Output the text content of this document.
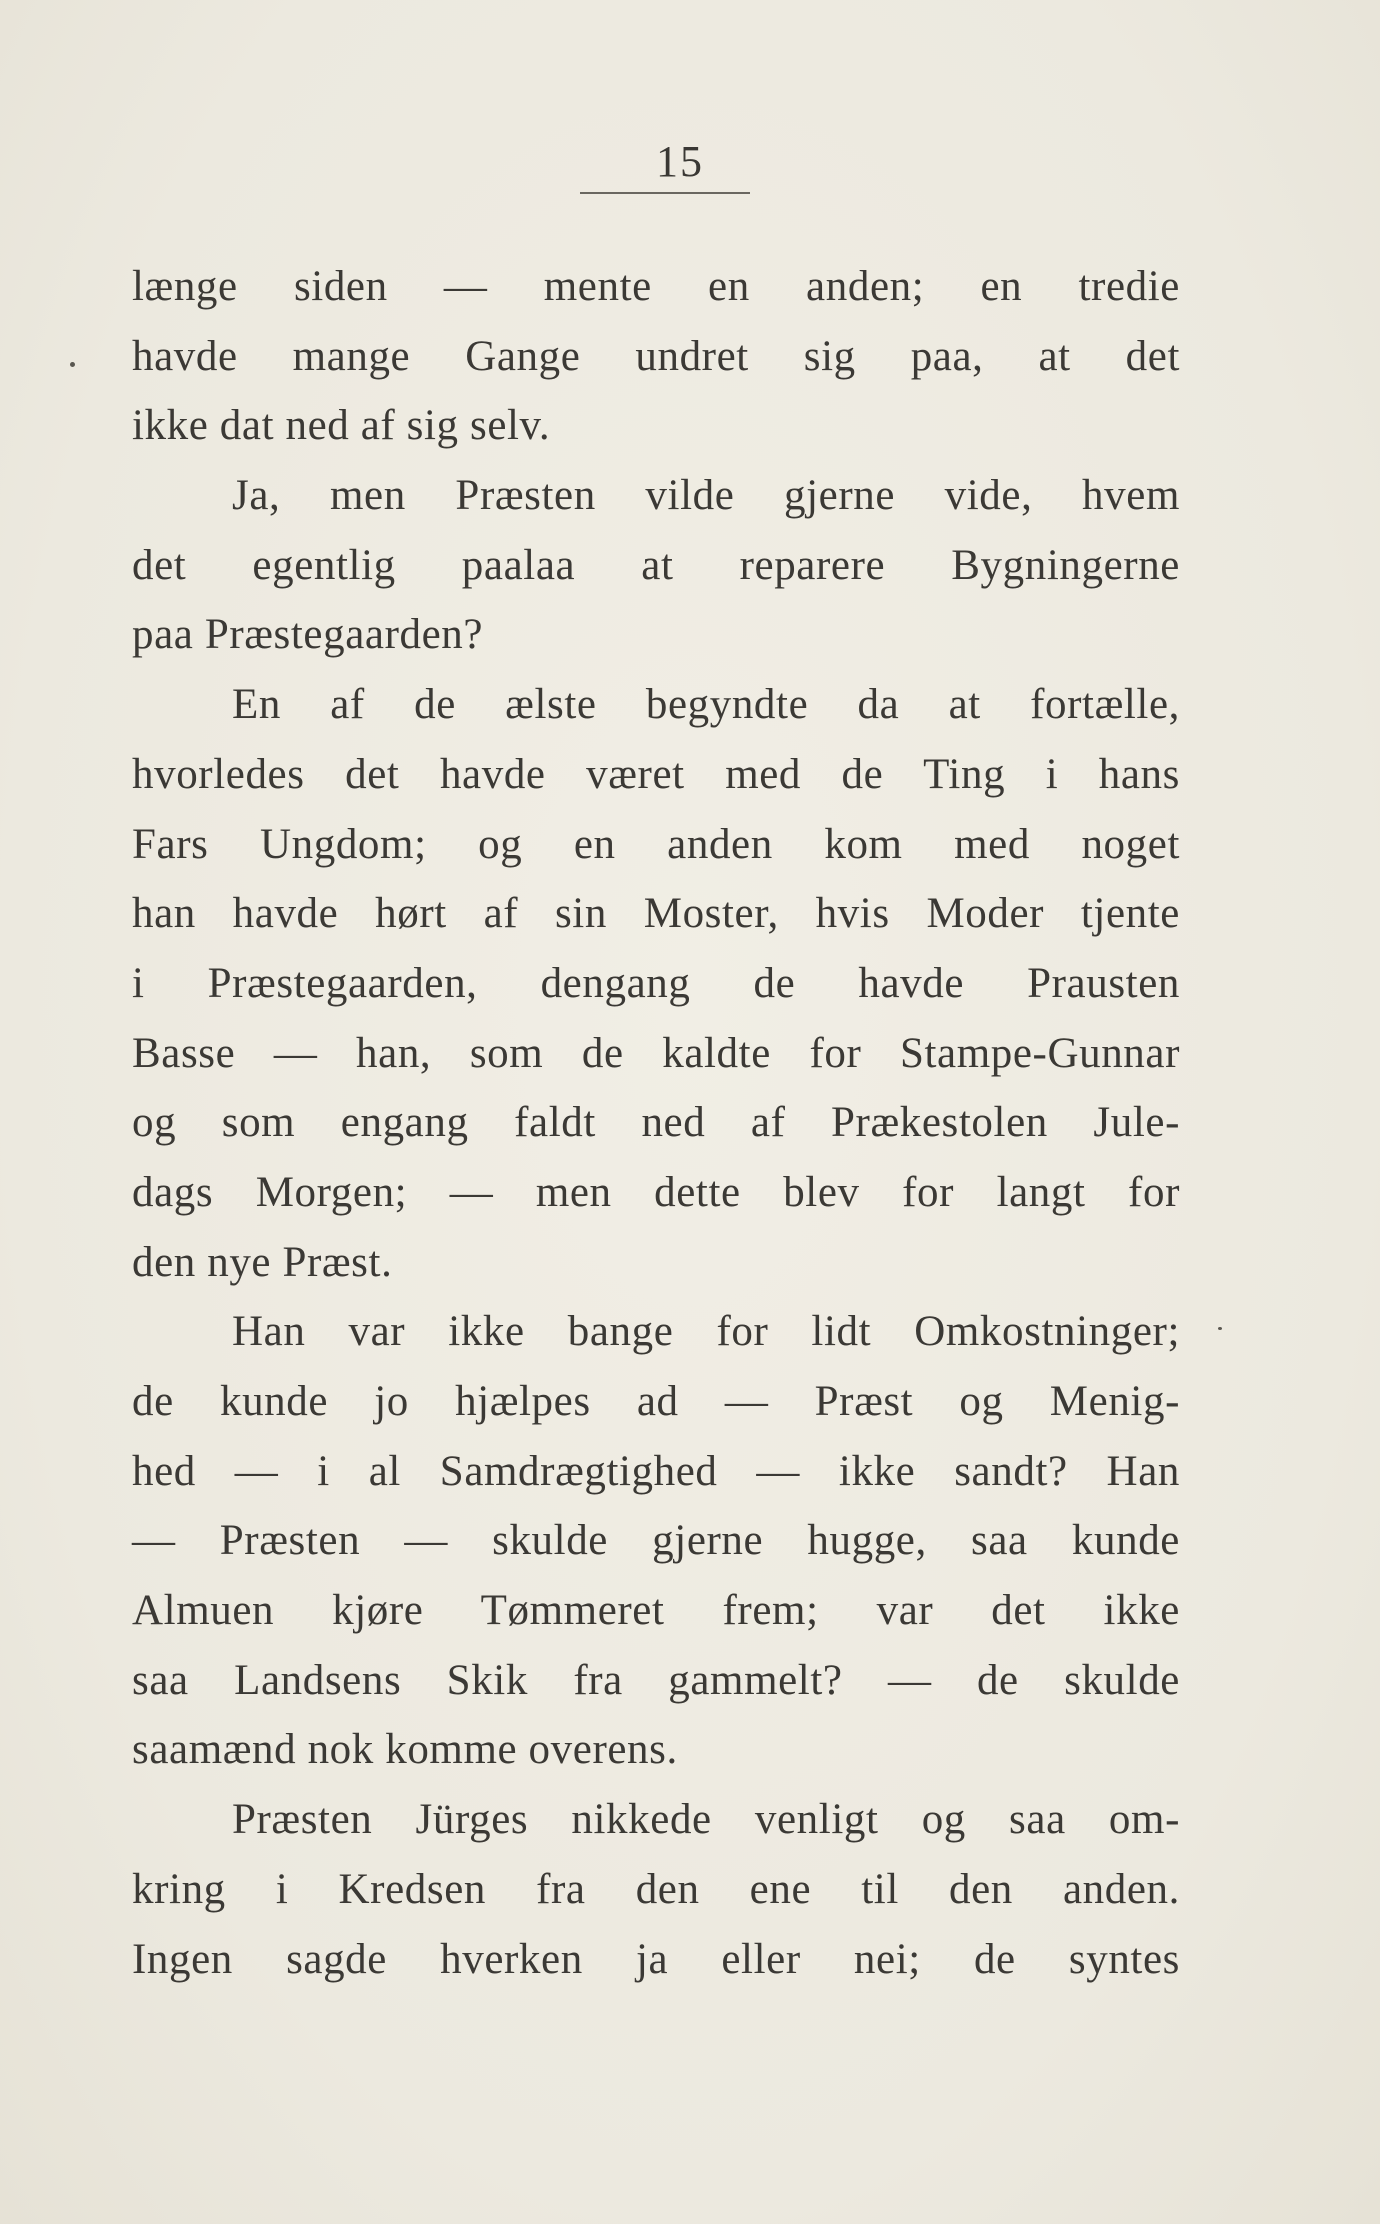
15
længe siden — mente en anden; en tredie
havde mange Gange undret sig paa, at det
ikke dat ned af sig selv.
Ja, men Præsten vilde gjerne vide, hvem
det egentlig paalaa at reparere Bygningerne
paa Præstegaarden?
En af de ælste begyndte da at fortælle,
hvorledes det havde været med de Ting i hans
Fars Ungdom; og en anden kom med noget
han havde hørt af sin Moster, hvis Moder tjente
i Præstegaarden, dengang de havde Prausten
Basse — han, som de kaldte for Stampe-Gunnar
og som engang faldt ned af Prækestolen Jule-
dags Morgen; — men dette blev for langt for
den nye Præst.
Han var ikke bange for lidt Omkostninger;
de kunde jo hjælpes ad — Præst og Menig-
hed — i al Samdrægtighed — ikke sandt? Han
— Præsten — skulde gjerne hugge, saa kunde
Almuen kjøre Tømmeret frem; var det ikke
saa Landsens Skik fra gammelt? — de skulde
saamænd nok komme overens.
Præsten Jürges nikkede venligt og saa om-
kring i Kredsen fra den ene til den anden.
Ingen sagde hverken ja eller nei; de syntes
